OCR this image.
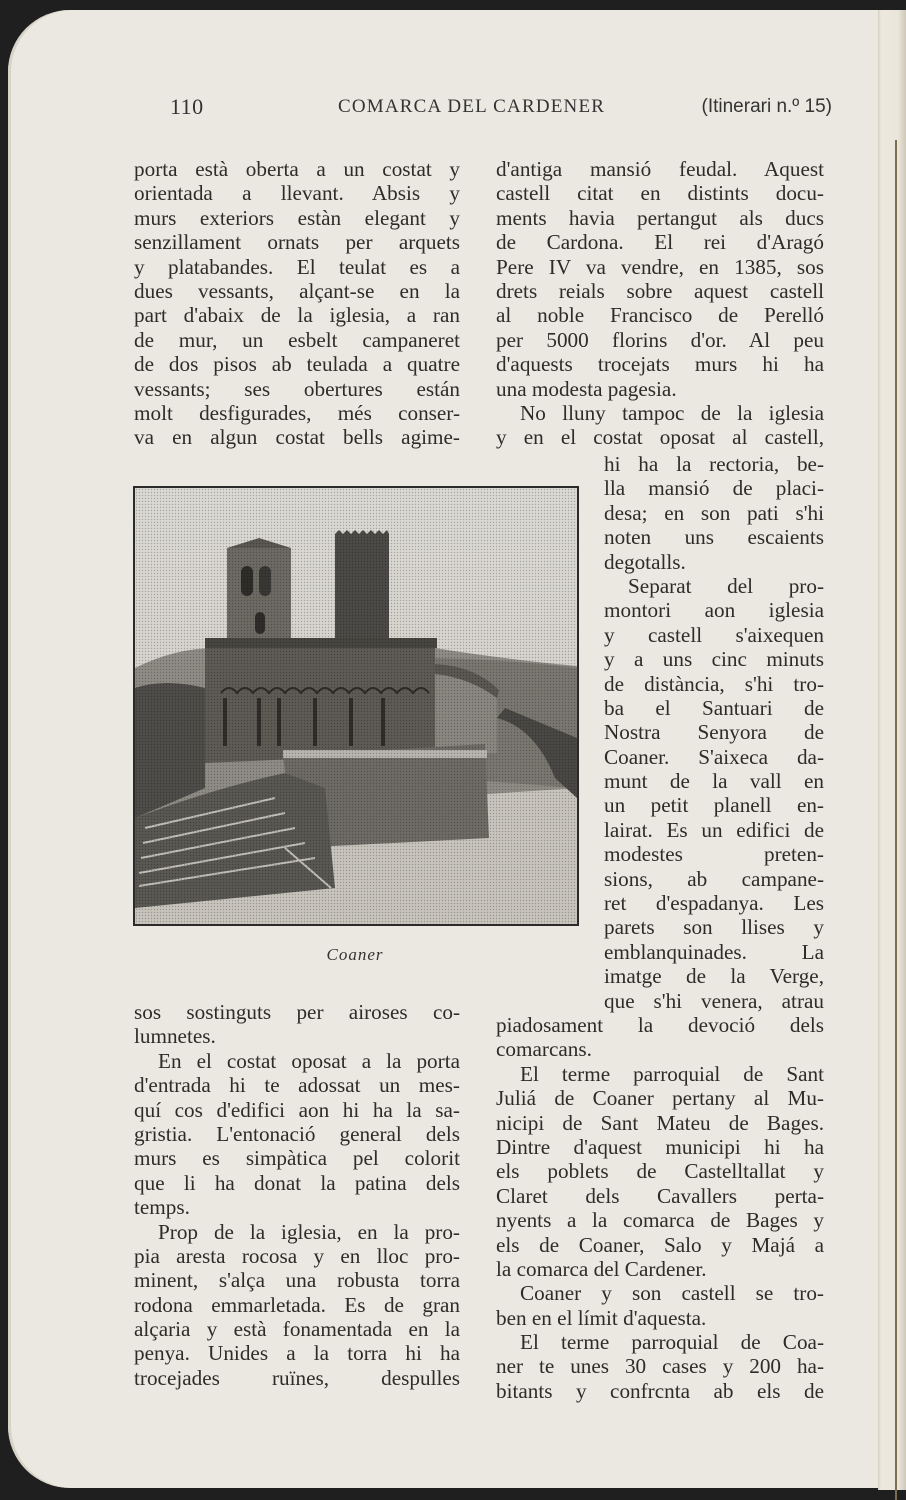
110	COMARCA DEL CARDENER	(Itinerari n.º 15)
porta està oberta a un costat y
orientada a llevant. Absis y
murs exteriors estàn elegant y
senzillament ornats per arquets
y platabandes. El teulat es a
dues vessants, alçant-se en la
part d'abaix de la iglesia, a ran
de mur, un esbelt campaneret
de dos pisos ab teulada a quatre
vessants; ses obertures están
molt desfigurades, més conser-
va en algun costat bells agime-
d'antiga mansió feudal. Aquest
castell citat en distints docu-
ments havia pertangut als ducs
de Cardona. El rei d'Aragó
Pere IV va vendre, en 1385, sos
drets reials sobre aquest castell
al noble Francisco de Perelló
per 5000 florins d'or. Al peu
d'aquests trocejats murs hi ha
una modesta pagesia.
No lluny tampoc de la iglesia
y en el costat oposat al castell,
hi ha la rectoria, be-
lla mansió de placi-
desa; en son pati s'hi
noten uns escaients
degotalls.
Separat del pro-
montori aon iglesia
y castell s'aixequen
y a uns cinc minuts
de distància, s'hi tro-
ba el Santuari de
Nostra Senyora de
Coaner. S'aixeca da-
munt de la vall en
un petit planell en-
lairat. Es un edifici de
modestes preten-
sions, ab campane-
ret d'espadanya. Les
parets son llises y
emblanquinades. La
imatge de la Verge,
que s'hi venera, atrau
piadosament la devoció dels
comarcans.
El terme parroquial de Sant
Juliá de Coaner pertany al Mu-
nicipi de Sant Mateu de Bages.
Dintre d'aquest municipi hi ha
els poblets de Castelltallat y
Claret dels Cavallers perta-
nyents a la comarca de Bages y
els de Coaner, Salo y Majá a
la comarca del Cardener.
Coaner y son castell se tro-
ben en el límit d'aquesta.
El terme parroquial de Coa-
ner te unes 30 cases y 200 ha-
bitants y confrcnta ab els de
sos sostinguts per airoses co-
lumnetes.
En el costat oposat a la porta
d'entrada hi te adossat un mes-
quí cos d'edifici aon hi ha la sa-
gristia. L'entonació general dels
murs es simpàtica pel colorit
que li ha donat la patina dels
temps.
Prop de la iglesia, en la pro-
pia aresta rocosa y en lloc pro-
minent, s'alça una robusta torra
rodona emmarletada. Es de gran
alçaria y està fonamentada en la
penya. Unides a la torra hi ha
trocejades ruïnes, despulles
Coaner
